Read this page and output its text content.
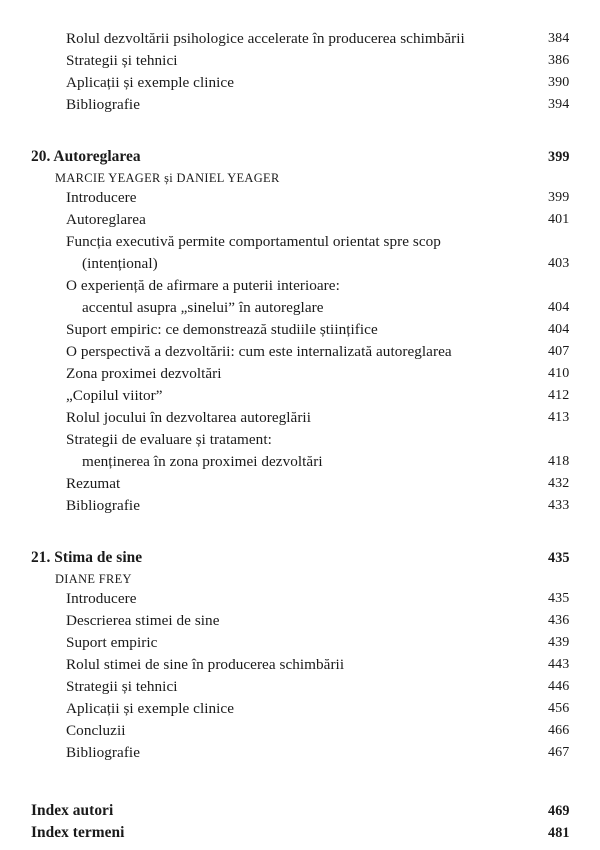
Rolul dezvoltării psihologice accelerate în producerea schimbării	384
Strategii și tehnici	386
Aplicații și exemple clinice	390
Bibliografie	394
20. Autoreglarea	399
MARCIE YEAGER și DANIEL YEAGER
Introducere	399
Autoreglarea	401
Funcția executivă permite comportamentul orientat spre scop
(intențional)	403
O experiență de afirmare a puterii interioare:
accentul asupra „sinelui” în autoreglare	404
Suport empiric: ce demonstrează studiile științifice	404
O perspectivă a dezvoltării: cum este internalizată autoreglarea	407
Zona proximei dezvoltări	410
„Copilul viitor”	412
Rolul jocului în dezvoltarea autoreglării	413
Strategii de evaluare și tratament:
menținerea în zona proximei dezvoltări	418
Rezumat	432
Bibliografie	433
21. Stima de sine	435
DIANE FREY
Introducere	435
Descrierea stimei de sine	436
Suport empiric	439
Rolul stimei de sine în producerea schimbării	443
Strategii și tehnici	446
Aplicații și exemple clinice	456
Concluzii	466
Bibliografie	467
Index autori	469
Index termeni	481
